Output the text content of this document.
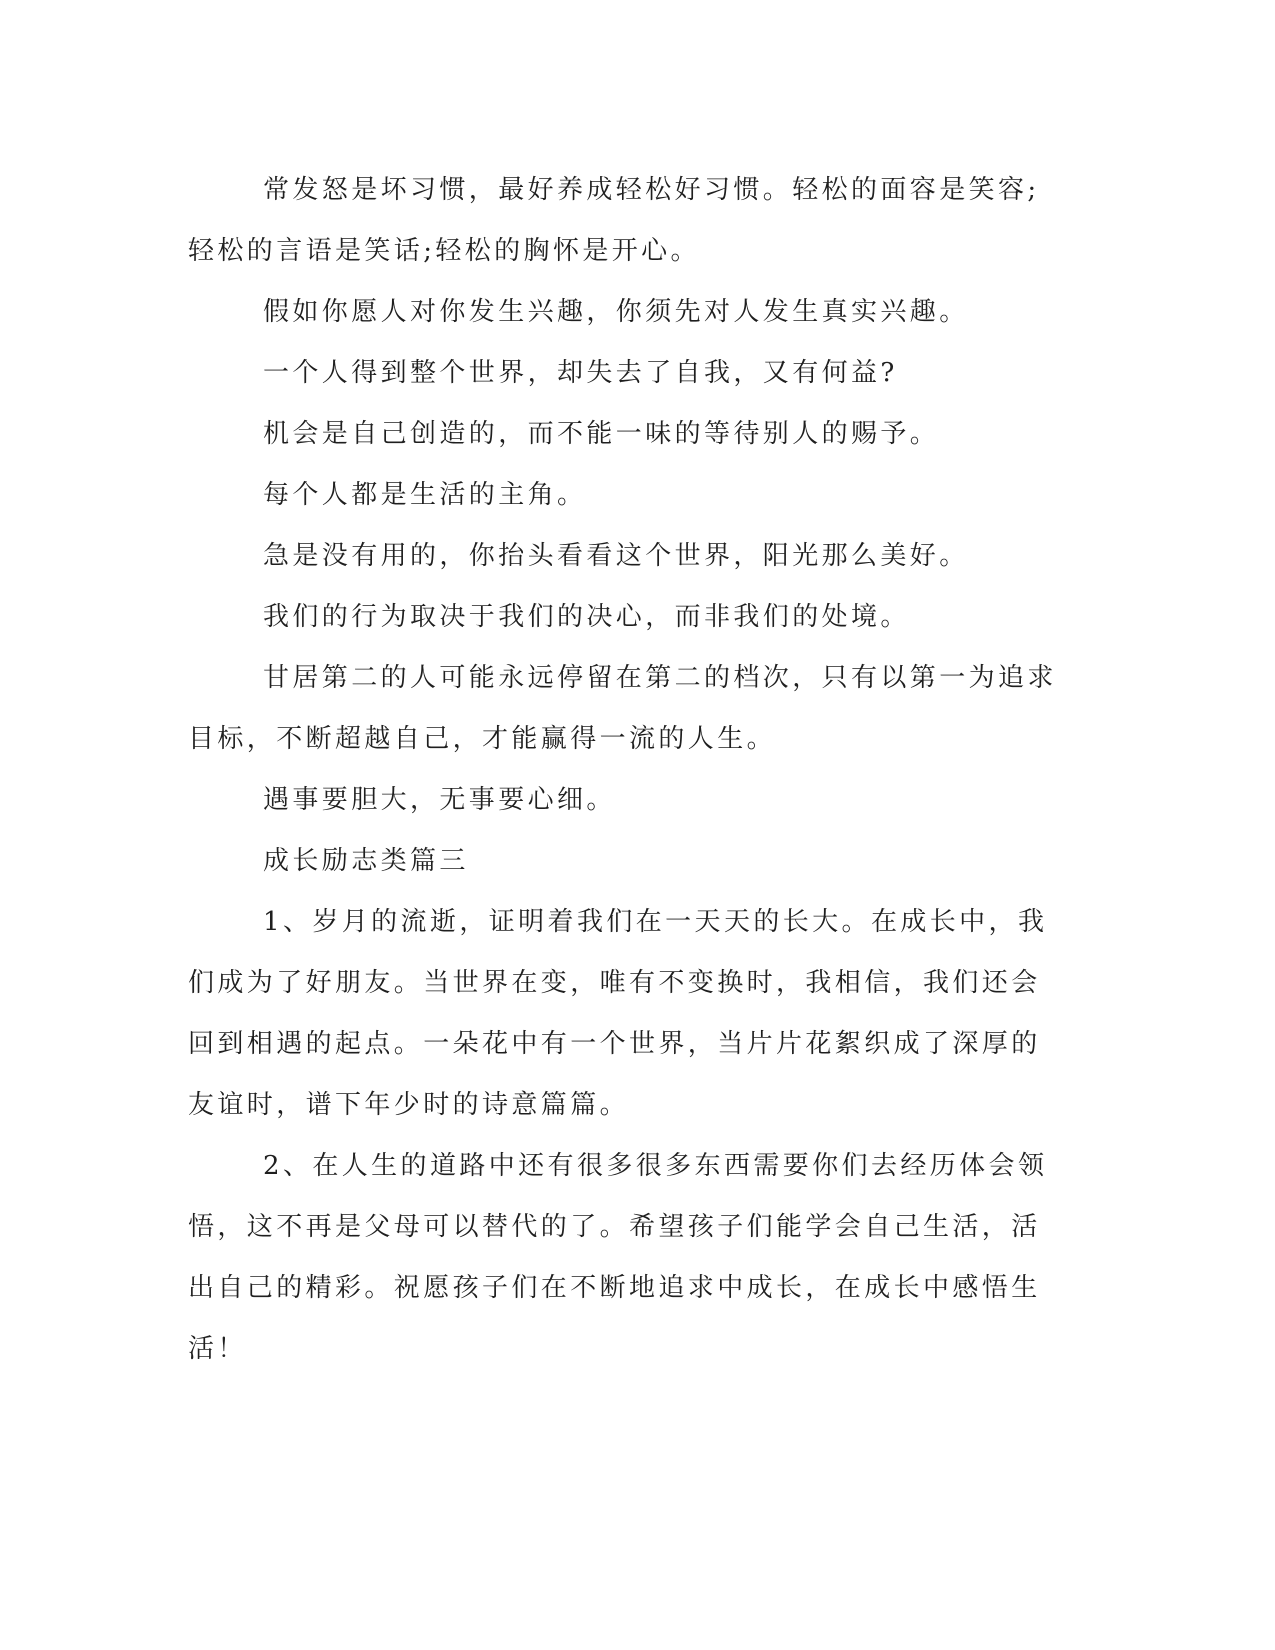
常发怒是坏习惯，最好养成轻松好习惯。轻松的面容是笑容;轻松的言语是笑话;轻松的胸怀是开心。

假如你愿人对你发生兴趣，你须先对人发生真实兴趣。

一个人得到整个世界，却失去了自我，又有何益?

机会是自己创造的，而不能一味的等待别人的赐予。

每个人都是生活的主角。

急是没有用的，你抬头看看这个世界，阳光那么美好。

我们的行为取决于我们的决心，而非我们的处境。

甘居第二的人可能永远停留在第二的档次，只有以第一为追求目标，不断超越自己，才能赢得一流的人生。

遇事要胆大，无事要心细。

成长励志类篇三

1、岁月的流逝，证明着我们在一天天的长大。在成长中，我们成为了好朋友。当世界在变，唯有不变换时，我相信，我们还会回到相遇的起点。一朵花中有一个世界，当片片花絮织成了深厚的友谊时，谱下年少时的诗意篇篇。

2、在人生的道路中还有很多很多东西需要你们去经历体会领悟，这不再是父母可以替代的了。希望孩子们能学会自己生活，活出自己的精彩。祝愿孩子们在不断地追求中成长，在成长中感悟生活！
